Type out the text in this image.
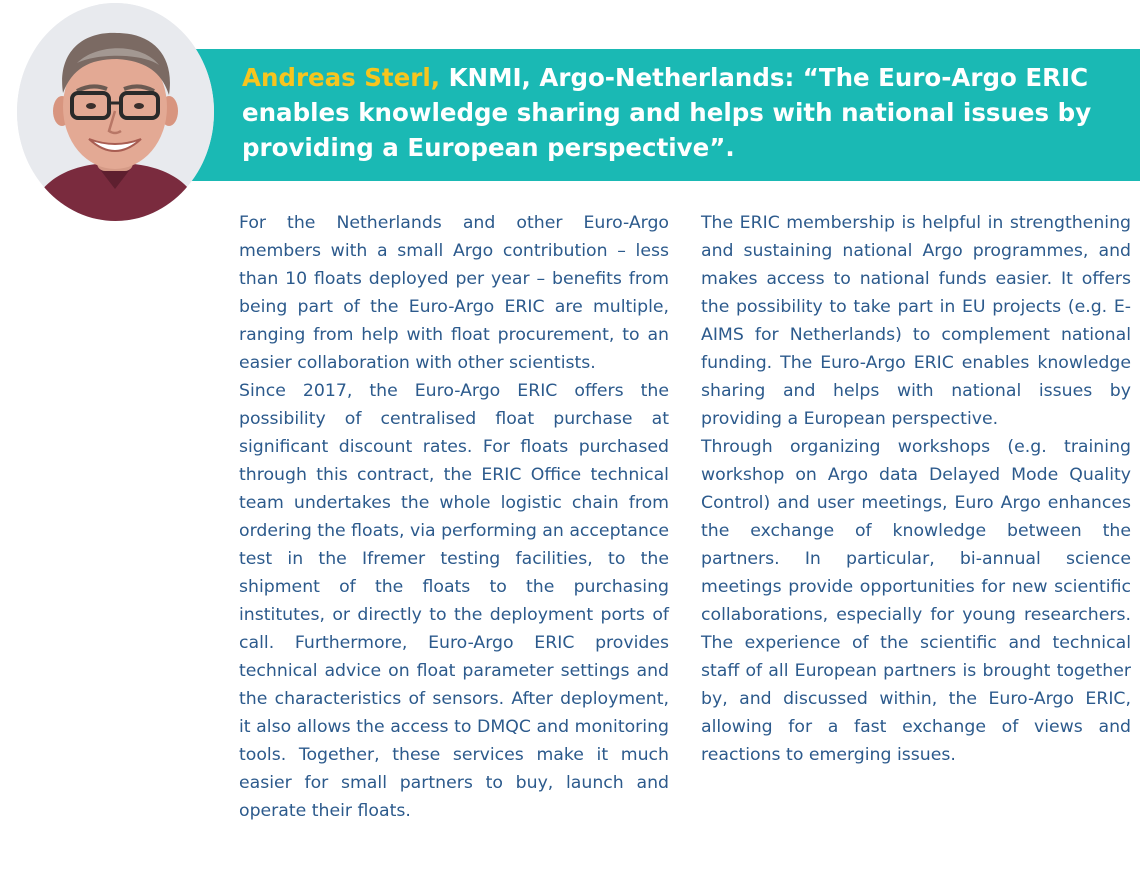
Andreas Sterl, KNMI, Argo-Netherlands: “The Euro-Argo ERIC enables knowledge sharing and helps with national issues by providing a European perspective”.

For the Netherlands and other Euro-Argo members with a small Argo contribution – less than 10 floats deployed per year – benefits from being part of the Euro-Argo ERIC are multiple, ranging from help with float procurement, to an easier collaboration with other scientists.

Since 2017, the Euro-Argo ERIC offers the possibility of centralised float purchase at significant discount rates. For floats purchased through this contract, the ERIC Office technical team undertakes the whole logistic chain from ordering the floats, via performing an acceptance test in the Ifremer testing facilities, to the shipment of the floats to the purchasing institutes, or directly to the deployment ports of call. Furthermore, Euro-Argo ERIC provides technical advice on float parameter settings and the characteristics of sensors. After deployment, it also allows the access to DMQC and monitoring tools. Together, these services make it much easier for small partners to buy, launch and operate their floats.

The ERIC membership is helpful in strengthening and sustaining national Argo programmes, and makes access to national funds easier. It offers the possibility to take part in EU projects (e.g. E-AIMS for Netherlands) to complement national funding. The Euro-Argo ERIC enables knowledge sharing and helps with national issues by providing a European perspective.

Through organizing workshops (e.g. training workshop on Argo data Delayed Mode Quality Control) and user meetings, Euro Argo enhances the exchange of knowledge between the partners. In particular, bi-annual science meetings provide opportunities for new scientific collaborations, especially for young researchers. The experience of the scientific and technical staff of all European partners is brought together by, and discussed within, the Euro-Argo ERIC, allowing for a fast exchange of views and reactions to emerging issues.
